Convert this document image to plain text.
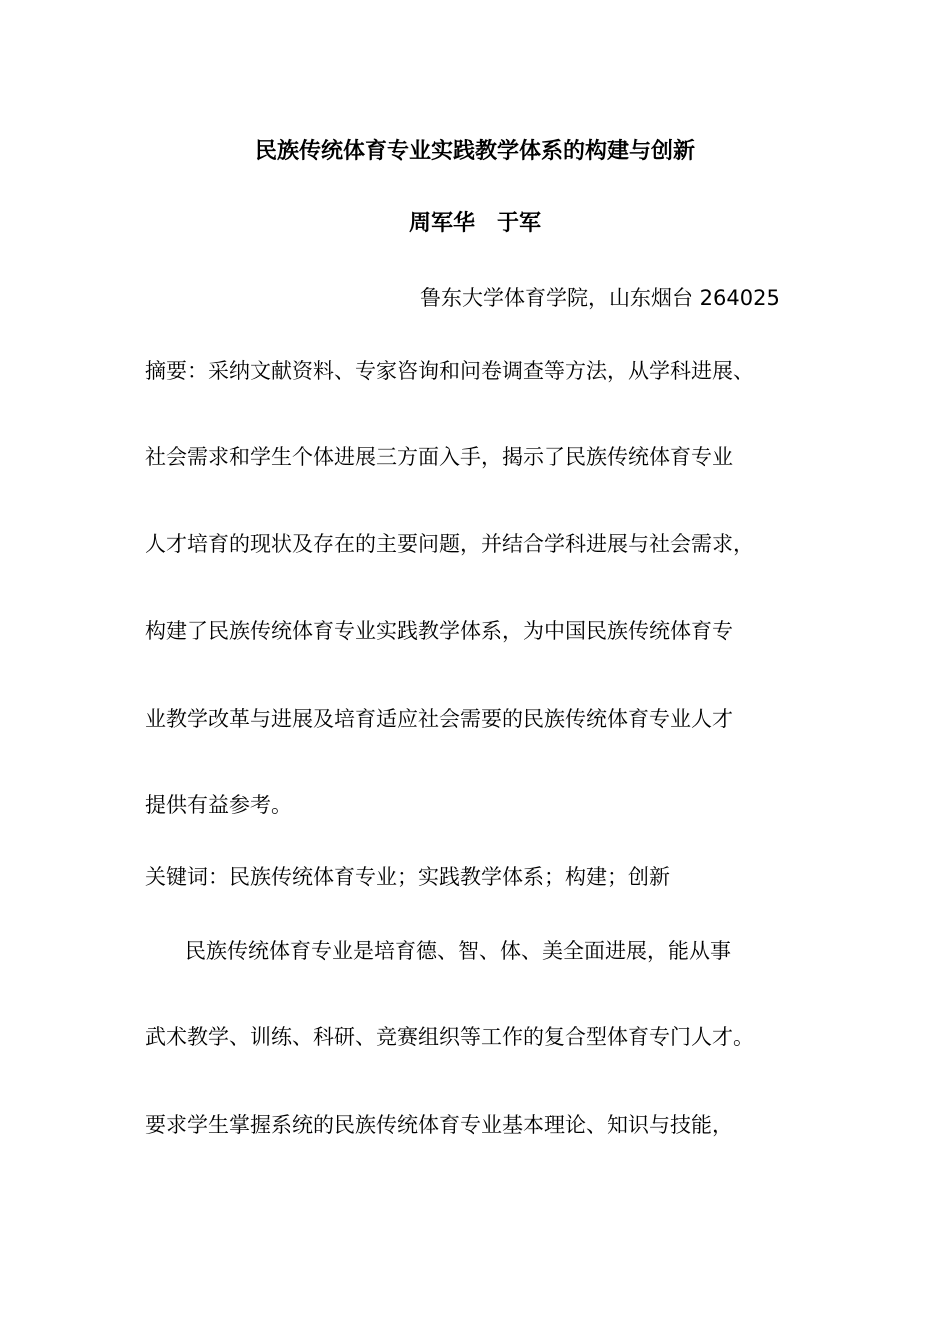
民族传统体育专业实践教学体系的构建与创新
周军华　于军
鲁东大学体育学院，山东烟台 264025
摘要：采纳文献资料、专家咨询和问卷调查等方法，从学科进展、
社会需求和学生个体进展三方面入手，揭示了民族传统体育专业
人才培育的现状及存在的主要问题，并结合学科进展与社会需求，
构建了民族传统体育专业实践教学体系，为中国民族传统体育专
业教学改革与进展及培育适应社会需要的民族传统体育专业人才
提供有益参考。
关键词：民族传统体育专业；实践教学体系；构建；创新
民族传统体育专业是培育德、智、体、美全面进展，能从事
武术教学、训练、科研、竞赛组织等工作的复合型体育专门人才。
要求学生掌握系统的民族传统体育专业基本理论、知识与技能，
